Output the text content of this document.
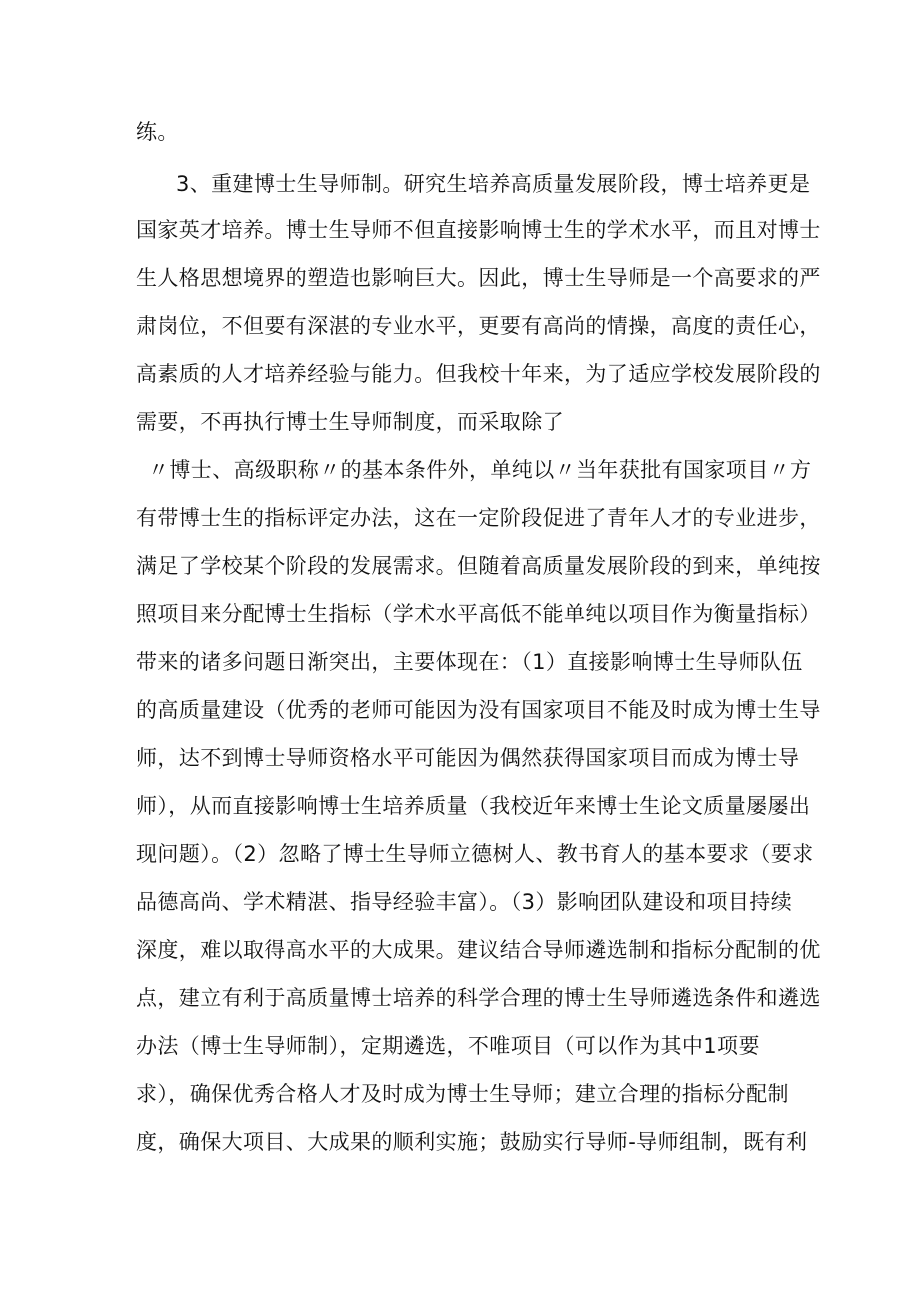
练。
3、重建博士生导师制。研究生培养高质量发展阶段，博士培养更是
国家英才培养。博士生导师不但直接影响博士生的学术水平，而且对博士
生人格思想境界的塑造也影响巨大。因此，博士生导师是一个高要求的严
肃岗位，不但要有深湛的专业水平，更要有高尚的情操，高度的责任心，
高素质的人才培养经验与能力。但我校十年来，为了适应学校发展阶段的
需要，不再执行博士生导师制度，而采取除了
〃博士、高级职称〃的基本条件外，单纯以〃当年获批有国家项目〃方
有带博士生的指标评定办法，这在一定阶段促进了青年人才的专业进步，
满足了学校某个阶段的发展需求。但随着高质量发展阶段的到来，单纯按
照项目来分配博士生指标（学术水平高低不能单纯以项目作为衡量指标）
带来的诸多问题日渐突出，主要体现在：（1）直接影响博士生导师队伍
的高质量建设（优秀的老师可能因为没有国家项目不能及时成为博士生导
师，达不到博士导师资格水平可能因为偶然获得国家项目而成为博士导
师），从而直接影响博士生培养质量（我校近年来博士生论文质量屡屡出
现问题）。（2）忽略了博士生导师立德树人、教书育人的基本要求（要求
品德高尚、学术精湛、指导经验丰富）。（3）影响团队建设和项目持续
深度，难以取得高水平的大成果。建议结合导师遴选制和指标分配制的优
点，建立有利于高质量博士培养的科学合理的博士生导师遴选条件和遴选
办法（博士生导师制），定期遴选，不唯项目（可以作为其中1项要
求），确保优秀合格人才及时成为博士生导师；建立合理的指标分配制
度，确保大项目、大成果的顺利实施；鼓励实行导师-导师组制，既有利
